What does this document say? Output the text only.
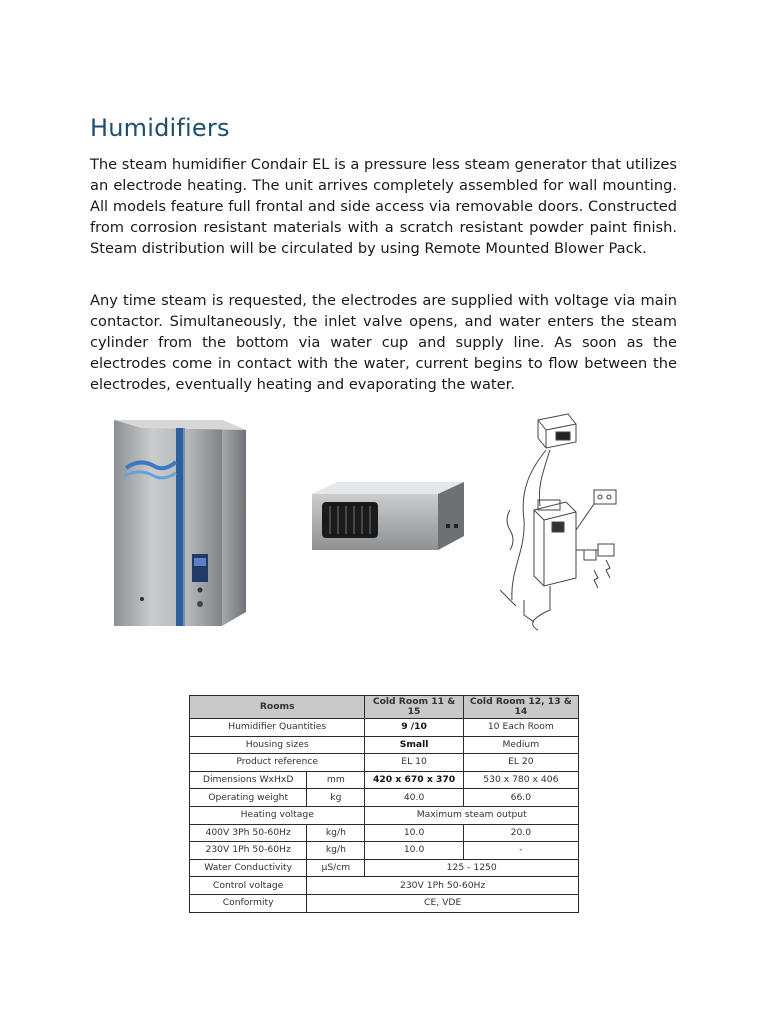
Humidifiers

The steam humidifier Condair EL is a pressure less steam generator that utilizes an electrode heating. The unit arrives completely assembled for wall mounting. All models feature full frontal and side access via removable doors. Constructed from corrosion resistant materials with a scratch resistant powder paint finish. Steam distribution will be circulated by using Remote Mounted Blower Pack.

Any time steam is requested, the electrodes are supplied with voltage via main contactor. Simultaneously, the inlet valve opens, and water enters the steam cylinder from the bottom via water cup and supply line. As soon as the electrodes come in contact with the water, current begins to flow between the electrodes, eventually heating and evaporating the water.

Rooms		Cold Room 11 & 15	Cold Room 12, 13 & 14
Humidifier Quantities		9 /10	10 Each Room
Housing sizes		Small	Medium
Product reference		EL 10	EL 20
Dimensions WxHxD	mm	420 x 670 x 370	530 x 780 x 406
Operating weight	kg	40.0	66.0
Heating voltage		Maximum steam output	
400V 3Ph 50-60Hz	kg/h	10.0	20.0
230V 1Ph 50-60Hz	kg/h	10.0	-
Water Conductivity	µS/cm	125 - 1250	
Control voltage	230V 1Ph 50-60Hz		
Conformity	CE, VDE		
